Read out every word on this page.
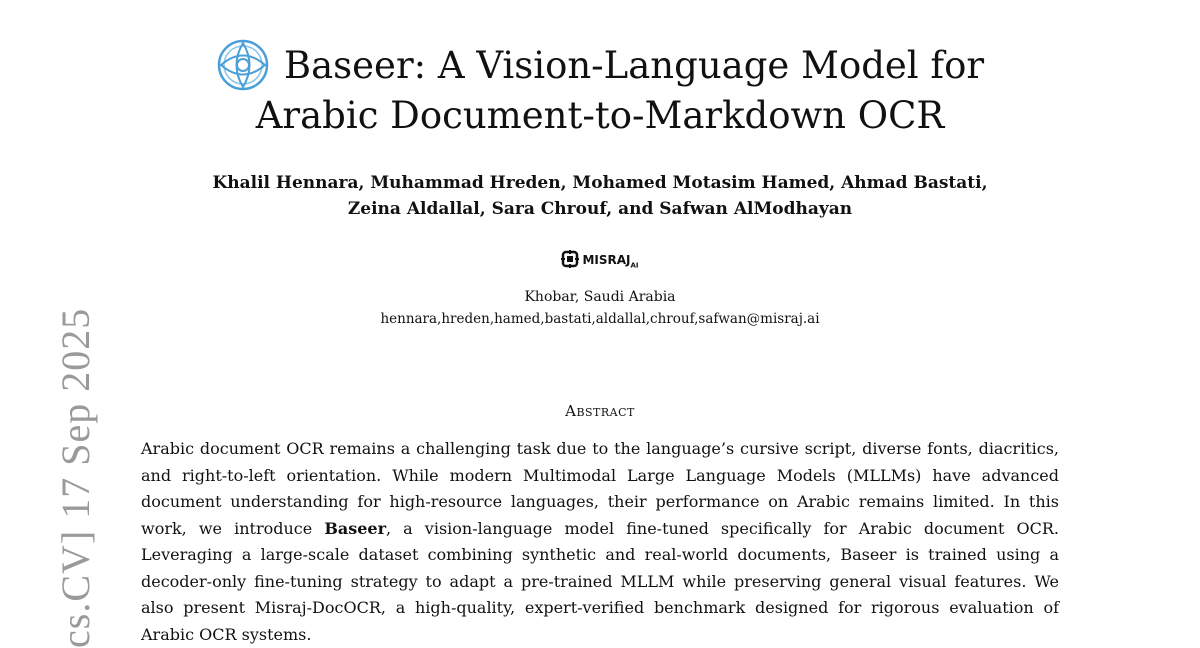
cs.CV] 17 Sep 2025
Baseer: A Vision-Language Model for
Arabic Document-to-Markdown OCR
Khalil Hennara, Muhammad Hreden, Mohamed Motasim Hamed, Ahmad Bastati,
Zeina Aldallal, Sara Chrouf, and Safwan AlModhayan
$MISRAJ_{AI}$
Khobar, Saudi Arabia
hennara,hreden,hamed,bastati,aldallal,chrouf,safwan@misraj.ai
Abstract
Arabic document OCR remains a challenging task due to the language’s cursive script, diverse fonts, diacritics, and right-to-left orientation. While modern Multimodal Large Language Models (MLLMs) have advanced document understanding for high-resource languages, their performance on Arabic remains limited. In this work, we introduce Baseer, a vision-language model fine-tuned specifically for Arabic document OCR. Leveraging a large-scale dataset combining synthetic and real-world documents, Baseer is trained using a decoder-only fine-tuning strategy to adapt a pre-trained MLLM while preserving general visual features. We also present Misraj-DocOCR, a high-quality, expert-verified benchmark designed for rigorous evaluation of Arabic OCR systems.
